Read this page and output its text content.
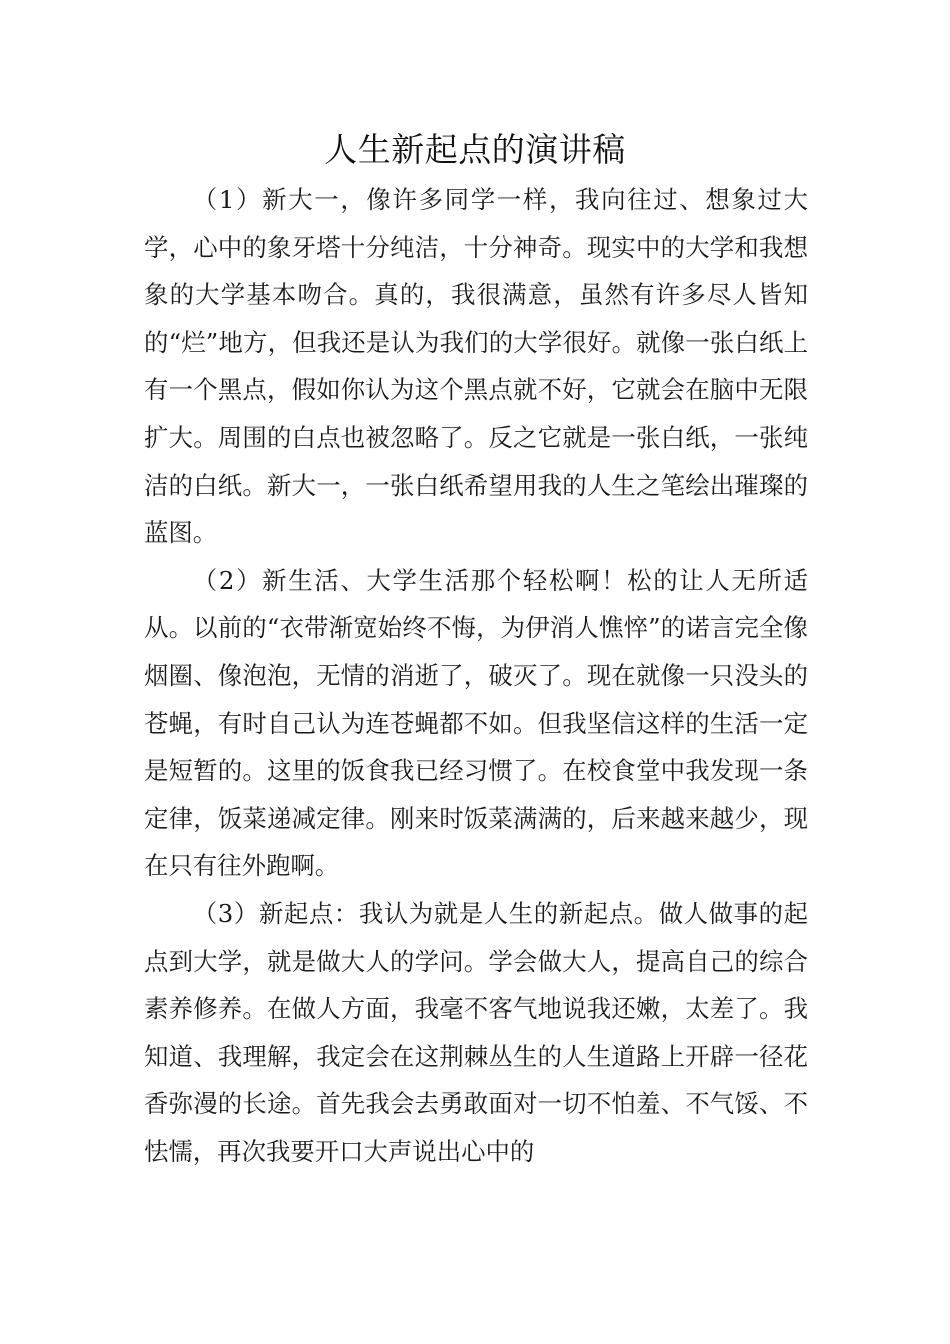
人生新起点的演讲稿

（1）新大一，像许多同学一样，我向往过、想象过大学，心中的象牙塔十分纯洁，十分神奇。现实中的大学和我想象的大学基本吻合。真的，我很满意，虽然有许多尽人皆知的“烂”地方，但我还是认为我们的大学很好。就像一张白纸上有一个黑点，假如你认为这个黑点就不好，它就会在脑中无限扩大。周围的白点也被忽略了。反之它就是一张白纸，一张纯洁的白纸。新大一，一张白纸希望用我的人生之笔绘出璀璨的蓝图。

（2）新生活、大学生活那个轻松啊！松的让人无所适从。以前的“衣带渐宽始终不悔，为伊消人憔悴”的诺言完全像烟圈、像泡泡，无情的消逝了，破灭了。现在就像一只没头的苍蝇，有时自己认为连苍蝇都不如。但我坚信这样的生活一定是短暂的。这里的饭食我已经习惯了。在校食堂中我发现一条定律，饭菜递减定律。刚来时饭菜满满的，后来越来越少，现在只有往外跑啊。

（3）新起点：我认为就是人生的新起点。做人做事的起点到大学，就是做大人的学问。学会做大人，提高自己的综合素养修养。在做人方面，我毫不客气地说我还嫩，太差了。我知道、我理解，我定会在这荆棘丛生的人生道路上开辟一径花香弥漫的长途。首先我会去勇敢面对一切不怕羞、不气馁、不怯懦，再次我要开口大声说出心中的
